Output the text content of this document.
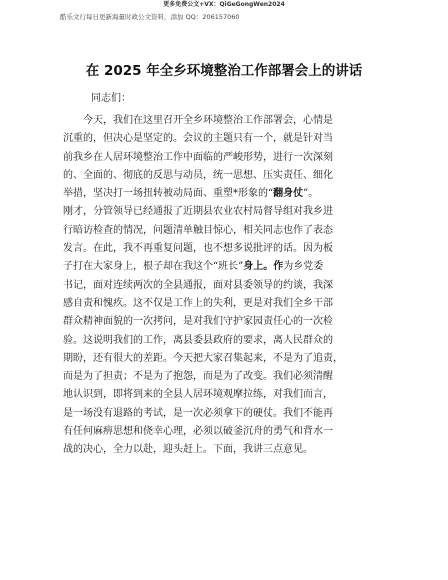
更多免费公文+VX：QiGeGongWen2024
酷乐文行每日更新海量时政公文资料，添加 QQ：206157060
在 2025 年全乡环境整治工作部署会上的讲话
同志们：
　　今天，我们在这里召开全乡环境整治工作部署会，心情是
沉重的，但决心是坚定的。会议的主题只有一个，就是针对当
前我乡在人居环境整治工作中面临的严峻形势，进行一次深刻
的、全面的、彻底的反思与动员，统一思想、压实责任、细化
举措，坚决打一场扭转被动局面、重塑*形象的“翻身仗”。
刚才，分管领导已经通报了近期县农业农村局督导组对我乡进
行暗访检查的情况，问题清单触目惊心，相关同志也作了表态
发言。在此，我不再重复问题，也不想多说批评的话。因为板
子打在大家身上，根子却在我这个“班长”身上。作为乡党委
书记，面对连续两次的全县通报，面对县委领导的约谈，我深
感自责和愧疚。这不仅是工作上的失利，更是对我们全乡干部
群众精神面貌的一次拷问，是对我们守护家园责任心的一次检
验。这说明我们的工作，离县委县政府的要求，离人民群众的
期盼，还有很大的差距。今天把大家召集起来，不是为了追责，
而是为了担责；不是为了抱怨，而是为了改变。我们必须清醒
地认识到，即将到来的全县人居环境观摩拉练，对我们而言，
是一场没有退路的考试，是一次必须拿下的硬仗。我们不能再
有任何麻痹思想和侥幸心理，必须以破釜沉舟的勇气和背水一
战的决心，全力以赴，迎头赶上。下面，我讲三点意见。
